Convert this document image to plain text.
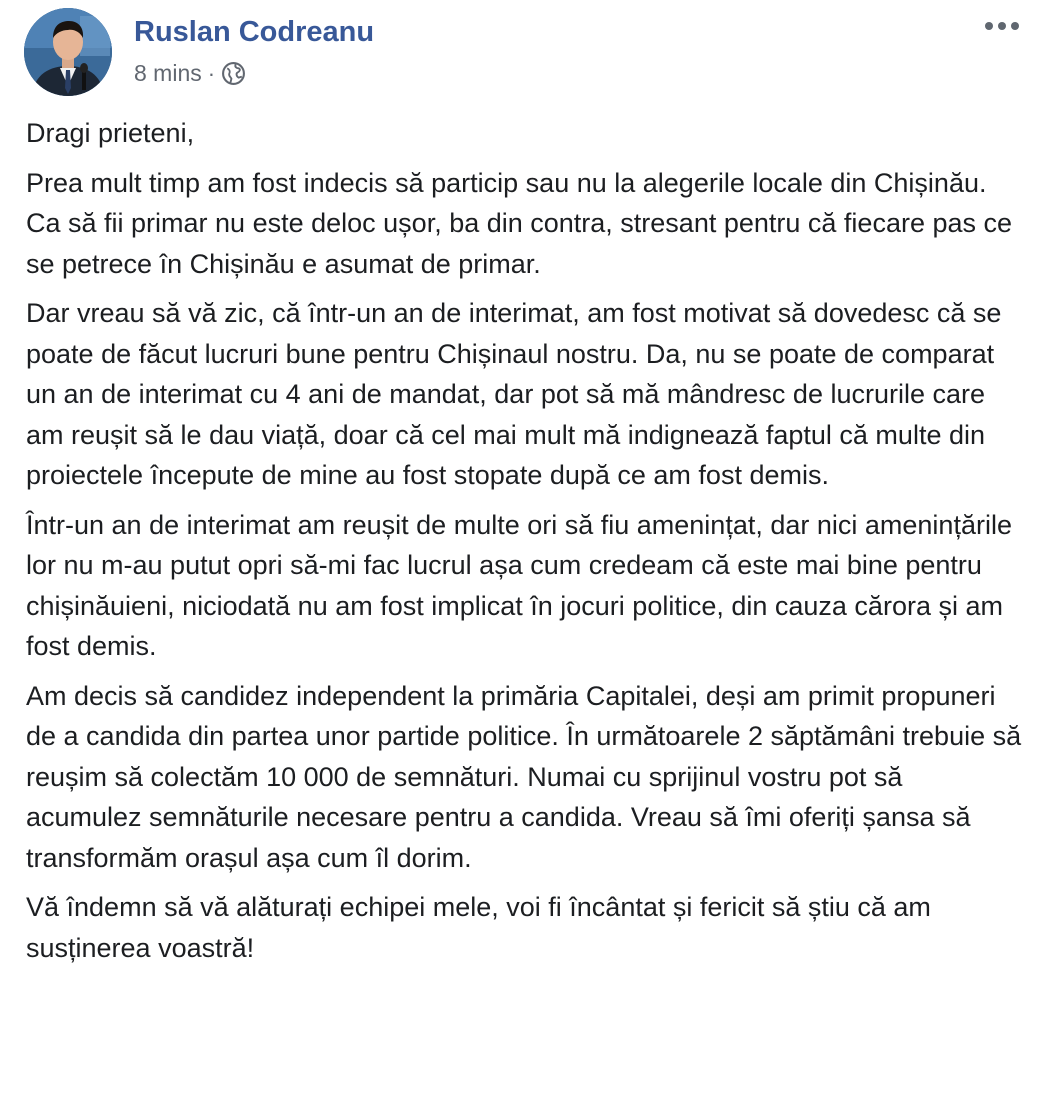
Ruslan Codreanu
8 mins ·

Dragi prieteni,

Prea mult timp am fost indecis să particip sau nu la alegerile locale din Chișinău. Ca să fii primar nu este deloc ușor, ba din contra, stresant pentru că fiecare pas ce se petrece în Chișinău e asumat de primar.

Dar vreau să vă zic, că într-un an de interimat, am fost motivat să dovedesc că se poate de făcut lucruri bune pentru Chișinaul nostru. Da, nu se poate de comparat un an de interimat cu 4 ani de mandat, dar pot să mă mândresc de lucrurile care am reușit să le dau viață, doar că cel mai mult mă indignează faptul că multe din proiectele începute de mine au fost stopate după ce am fost demis.

Într-un an de interimat am reușit de multe ori să fiu amenințat, dar nici amenințările lor nu m-au putut opri să-mi fac lucrul așa cum credeam că este mai bine pentru chișinăuieni, niciodată nu am fost implicat în jocuri politice, din cauza cărora și am fost demis.

Am decis să candidez independent la primăria Capitalei, deși am primit propuneri de a candida din partea unor partide politice. În următoarele 2 săptămâni trebuie să reușim să colectăm 10 000 de semnături. Numai cu sprijinul vostru pot să acumulez semnăturile necesare pentru a candida. Vreau să îmi oferiți șansa să transformăm orașul așa cum îl dorim.

Vă îndemn să vă alăturați echipei mele, voi fi încântat și fericit să știu că am susținerea voastră!
